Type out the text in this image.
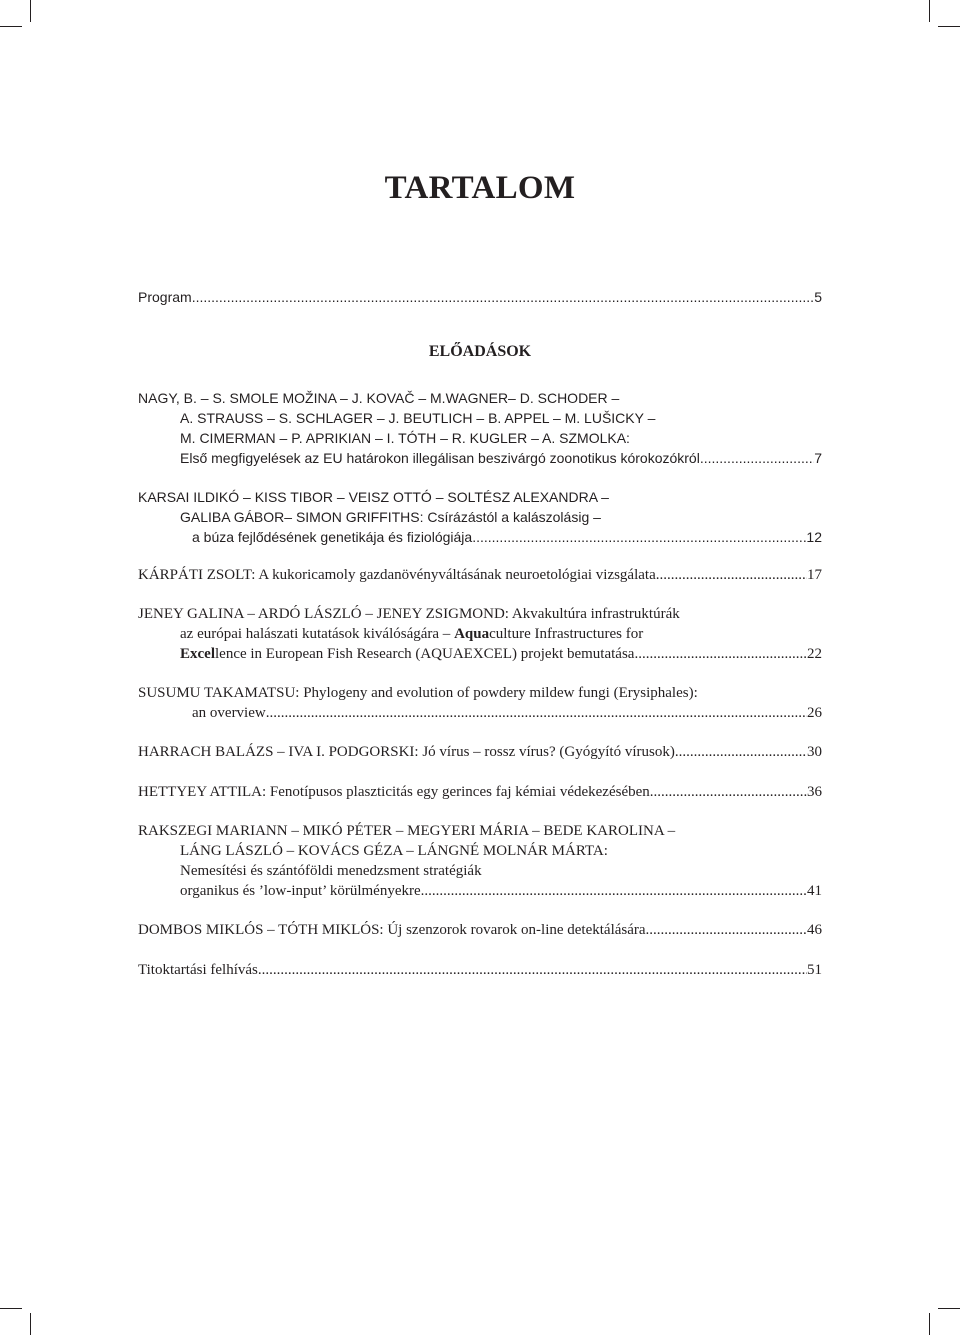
TARTALOM
Program .....	5
ELŐADÁSOK
NAGY, B. – S. SMOLE MOŽINA – J. KOVAČ – M.WAGNER– D. SCHODER –
A. STRAUSS – S. SCHLAGER – J. BEUTLICH – B. APPEL – M. LUŠICKY –
M. CIMERMAN – P. APRIKIAN – I. TÓTH – R. KUGLER – A. SZMOLKA:
Első megfigyelések az EU határokon illegálisan beszivárgó zoonotikus kórokozókról .....	7
KARSAI ILDIKÓ – KISS TIBOR – VEISZ OTTÓ – SOLTÉSZ ALEXANDRA –
GALIBA GÁBOR– SIMON GRIFFITHS: Csírázástól a kalászolásig –
a búza fejlődésének genetikája és fiziológiája .....	12
KÁRPÁTI ZSOLT: A kukoricamoly gazdanövényváltásának neuroetológiai vizsgálata .....	17
JENEY GALINA – ARDÓ LÁSZLÓ – JENEY ZSIGMOND: Akvakultúra infrastruktúrák
az európai halászati kutatások kiválóságára – Aquaculture Infrastructures for
Excellence in European Fish Research (AQUAEXCEL) projekt bemutatása .....	22
SUSUMU TAKAMATSU: Phylogeny and evolution of powdery mildew fungi (Erysiphales):
an overview .....	26
HARRACH BALÁZS – IVA I. PODGORSKI: Jó vírus – rossz vírus? (Gyógyító vírusok) .....	30
HETTYEY ATTILA: Fenotípusos plaszticitás egy gerinces faj kémiai védekezésében .....	36
RAKSZEGI MARIANN – MIKÓ PÉTER – MEGYERI MÁRIA – BEDE KAROLINA –
LÁNG LÁSZLÓ – KOVÁCS GÉZA – LÁNGNÉ MOLNÁR MÁRTA:
Nemesítési és szántóföldi menedzsment stratégiák
organikus és ’low-input’ körülményekre .....	41
DOMBOS MIKLÓS – TÓTH MIKLÓS: Új szenzorok rovarok on-line detektálására .....	46
Titoktartási felhívás .....	51
